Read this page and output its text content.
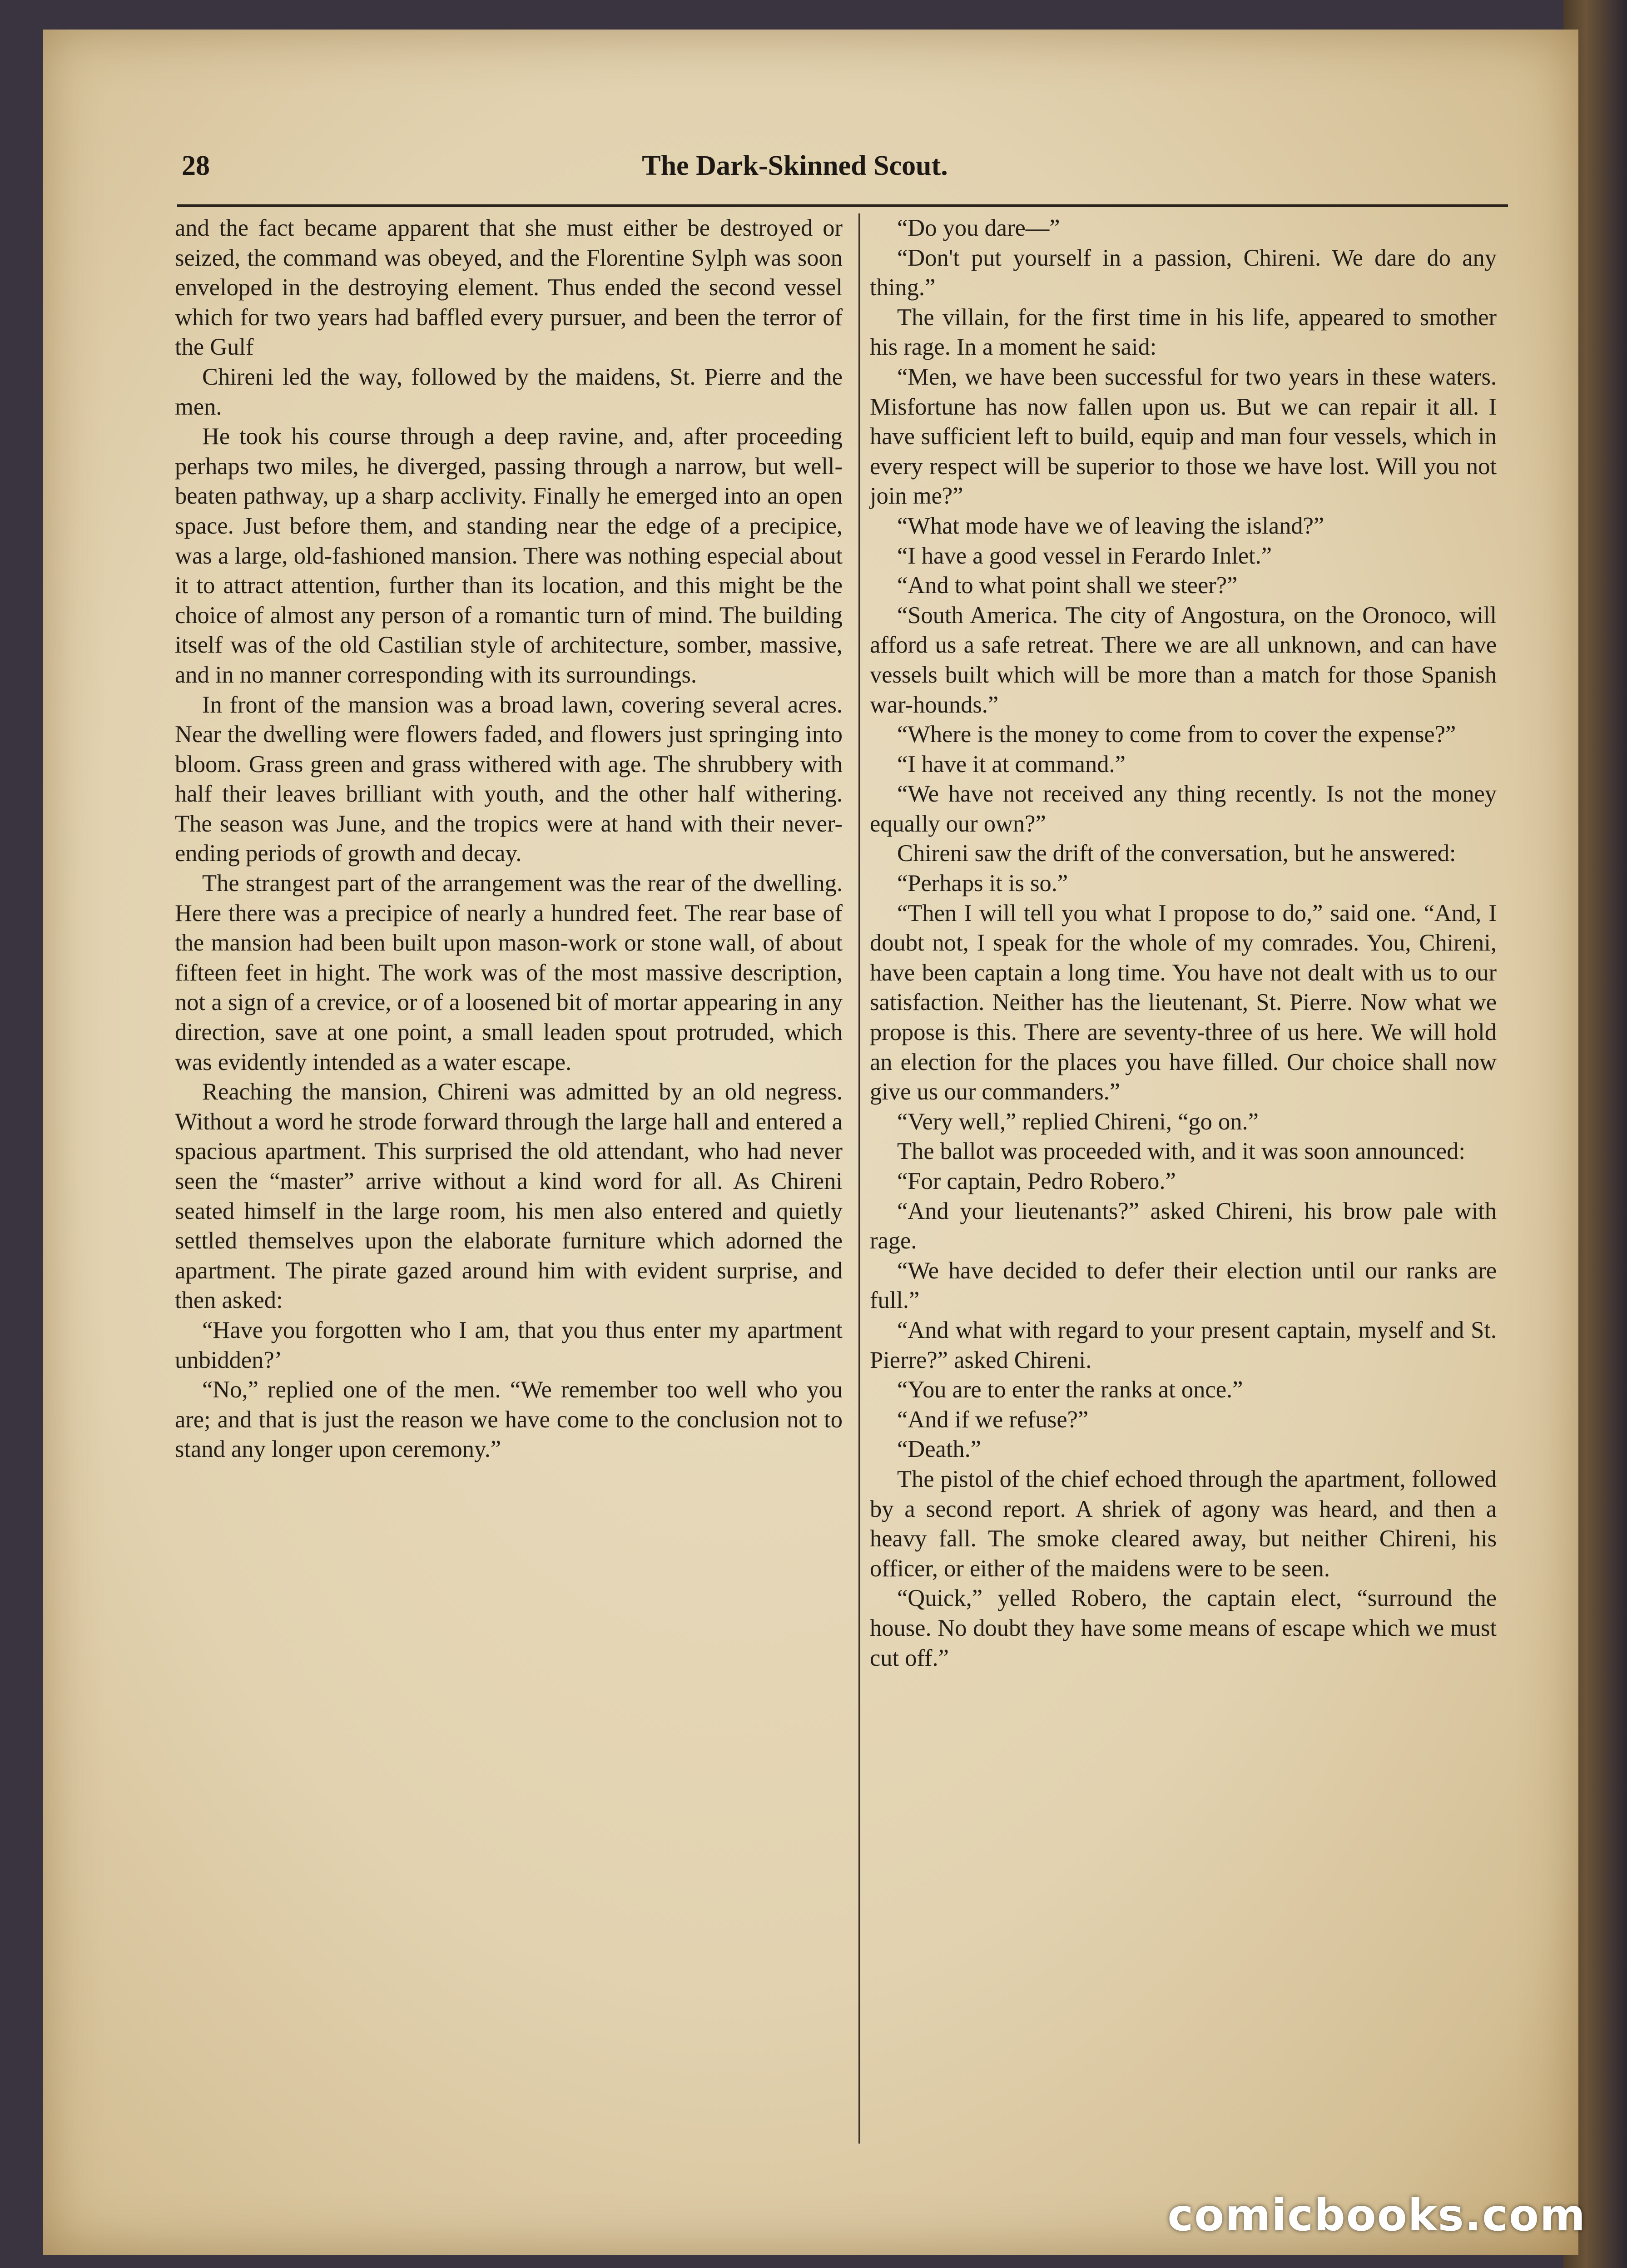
28	The Dark-Skinned Scout.

and the fact became apparent that she must either be destroyed or seized, the command was obeyed, and the Florentine Sylph was soon enveloped in the destroying element. Thus ended the second vessel which for two years had baffled every pursuer, and been the terror of the Gulf

Chireni led the way, followed by the maidens, St. Pierre and the men.

He took his course through a deep ravine, and, after proceeding perhaps two miles, he diverged, passing through a narrow, but well-beaten pathway, up a sharp acclivity. Finally he emerged into an open space. Just before them, and standing near the edge of a precipice, was a large, old-fashioned mansion. There was nothing especial about it to attract attention, further than its location, and this might be the choice of almost any person of a romantic turn of mind. The building itself was of the old Castilian style of architecture, somber, massive, and in no manner corresponding with its surroundings.

In front of the mansion was a broad lawn, covering several acres. Near the dwelling were flowers faded, and flowers just springing into bloom. Grass green and grass withered with age. The shrubbery with half their leaves brilliant with youth, and the other half withering. The season was June, and the tropics were at hand with their never-ending periods of growth and decay.

The strangest part of the arrangement was the rear of the dwelling. Here there was a precipice of nearly a hundred feet. The rear base of the mansion had been built upon mason-work or stone wall, of about fifteen feet in hight. The work was of the most massive description, not a sign of a crevice, or of a loosened bit of mortar appearing in any direction, save at one point, a small leaden spout protruded, which was evidently intended as a water escape.

Reaching the mansion, Chireni was admitted by an old negress. Without a word he strode forward through the large hall and entered a spacious apartment. This surprised the old attendant, who had never seen the “master” arrive without a kind word for all. As Chireni seated himself in the large room, his men also entered and quietly settled themselves upon the elaborate furniture which adorned the apartment. The pirate gazed around him with evident surprise, and then asked:

“Have you forgotten who I am, that you thus enter my apartment unbidden?’

“No,” replied one of the men. “We remember too well who you are; and that is just the reason we have come to the conclusion not to stand any longer upon ceremony.”

“Do you dare—”

“Don't put yourself in a passion, Chireni. We dare do any thing.”

The villain, for the first time in his life, appeared to smother his rage. In a moment he said:

“Men, we have been successful for two years in these waters. Misfortune has now fallen upon us. But we can repair it all. I have sufficient left to build, equip and man four vessels, which in every respect will be superior to those we have lost. Will you not join me?”

“What mode have we of leaving the island?”

“I have a good vessel in Ferardo Inlet.”

“And to what point shall we steer?”

“South America. The city of Angostura, on the Oronoco, will afford us a safe retreat. There we are all unknown, and can have vessels built which will be more than a match for those Spanish war-hounds.”

“Where is the money to come from to cover the expense?”

“I have it at command.”

“We have not received any thing recently. Is not the money equally our own?”

Chireni saw the drift of the conversation, but he answered:

“Perhaps it is so.”

“Then I will tell you what I propose to do,” said one. “And, I doubt not, I speak for the whole of my comrades. You, Chireni, have been captain a long time. You have not dealt with us to our satisfaction. Neither has the lieutenant, St. Pierre. Now what we propose is this. There are seventy-three of us here. We will hold an election for the places you have filled. Our choice shall now give us our commanders.”

“Very well,” replied Chireni, “go on.”

The ballot was proceeded with, and it was soon announced:

“For captain, Pedro Robero.”

“And your lieutenants?” asked Chireni, his brow pale with rage.

“We have decided to defer their election until our ranks are full.”

“And what with regard to your present captain, myself and St. Pierre?” asked Chireni.

“You are to enter the ranks at once.”

“And if we refuse?”

“Death.”

The pistol of the chief echoed through the apartment, followed by a second report. A shriek of agony was heard, and then a heavy fall. The smoke cleared away, but neither Chireni, his officer, or either of the maidens were to be seen.

“Quick,” yelled Robero, the captain elect, “surround the house. No doubt they have some means of escape which we must cut off.”

comicbooks.com
